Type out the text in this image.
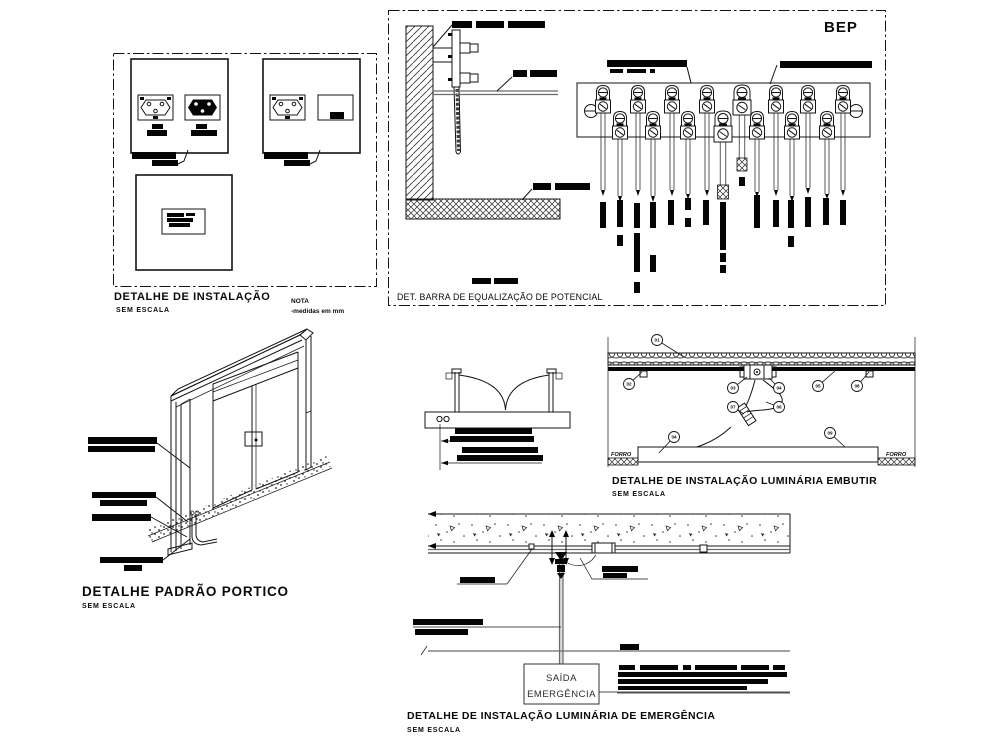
DETALHE DE INSTALAÇÃO
SEM ESCALA
NOTA
-medidas em mm
BEP
DET. BARRA DE EQUALIZAÇÃO DE POTENCIAL
DETALHE PADRÃO PORTICO
SEM ESCALA
FORRO	FORRO
01
02
03	04
07	06
05	08
04
09
DETALHE DE INSTALAÇÃO LUMINÁRIA EMBUTIR
SEM ESCALA
SAÍDA
EMERGÊNCIA
DETALHE DE INSTALAÇÃO LUMINÁRIA DE EMERGÊNCIA
SEM ESCALA
